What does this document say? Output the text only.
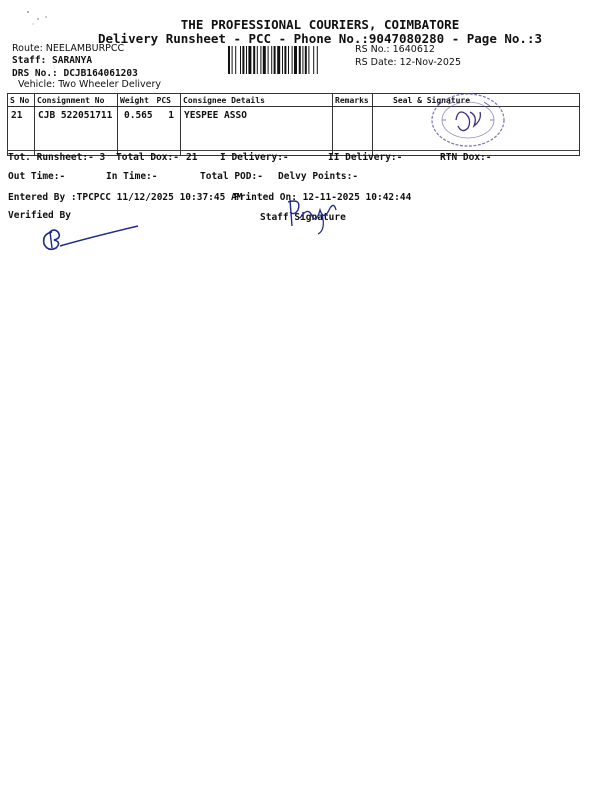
THE PROFESSIONAL COURIERS, COIMBATORE
Delivery Runsheet - PCC - Phone No.:9047080280 - Page No.:3
Route: NEELAMBURPCC
Staff: SARANYA
DRS No.: DCJB164061203
Vehicle: Two Wheeler Delivery
RS No.: 1640612
RS Date: 12-Nov-2025
S No	Consignment No	Weight	PCS	Consignee Details	Remarks	Seal & Signature
21	CJB 522051711	0.565	1	YESPEE ASSO		
Tot. Runsheet:- 3 Total Dox:- 21 I Delivery:-	II Delivery:-	RTN Dox:-
Out Time:-	In Time:-	Total POD:- Delvy Points:-
Entered By :TPCPCC 11/12/2025 10:37:45 AM
Printed On: 12-11-2025 10:42:44
Verified By	Staff Signature
